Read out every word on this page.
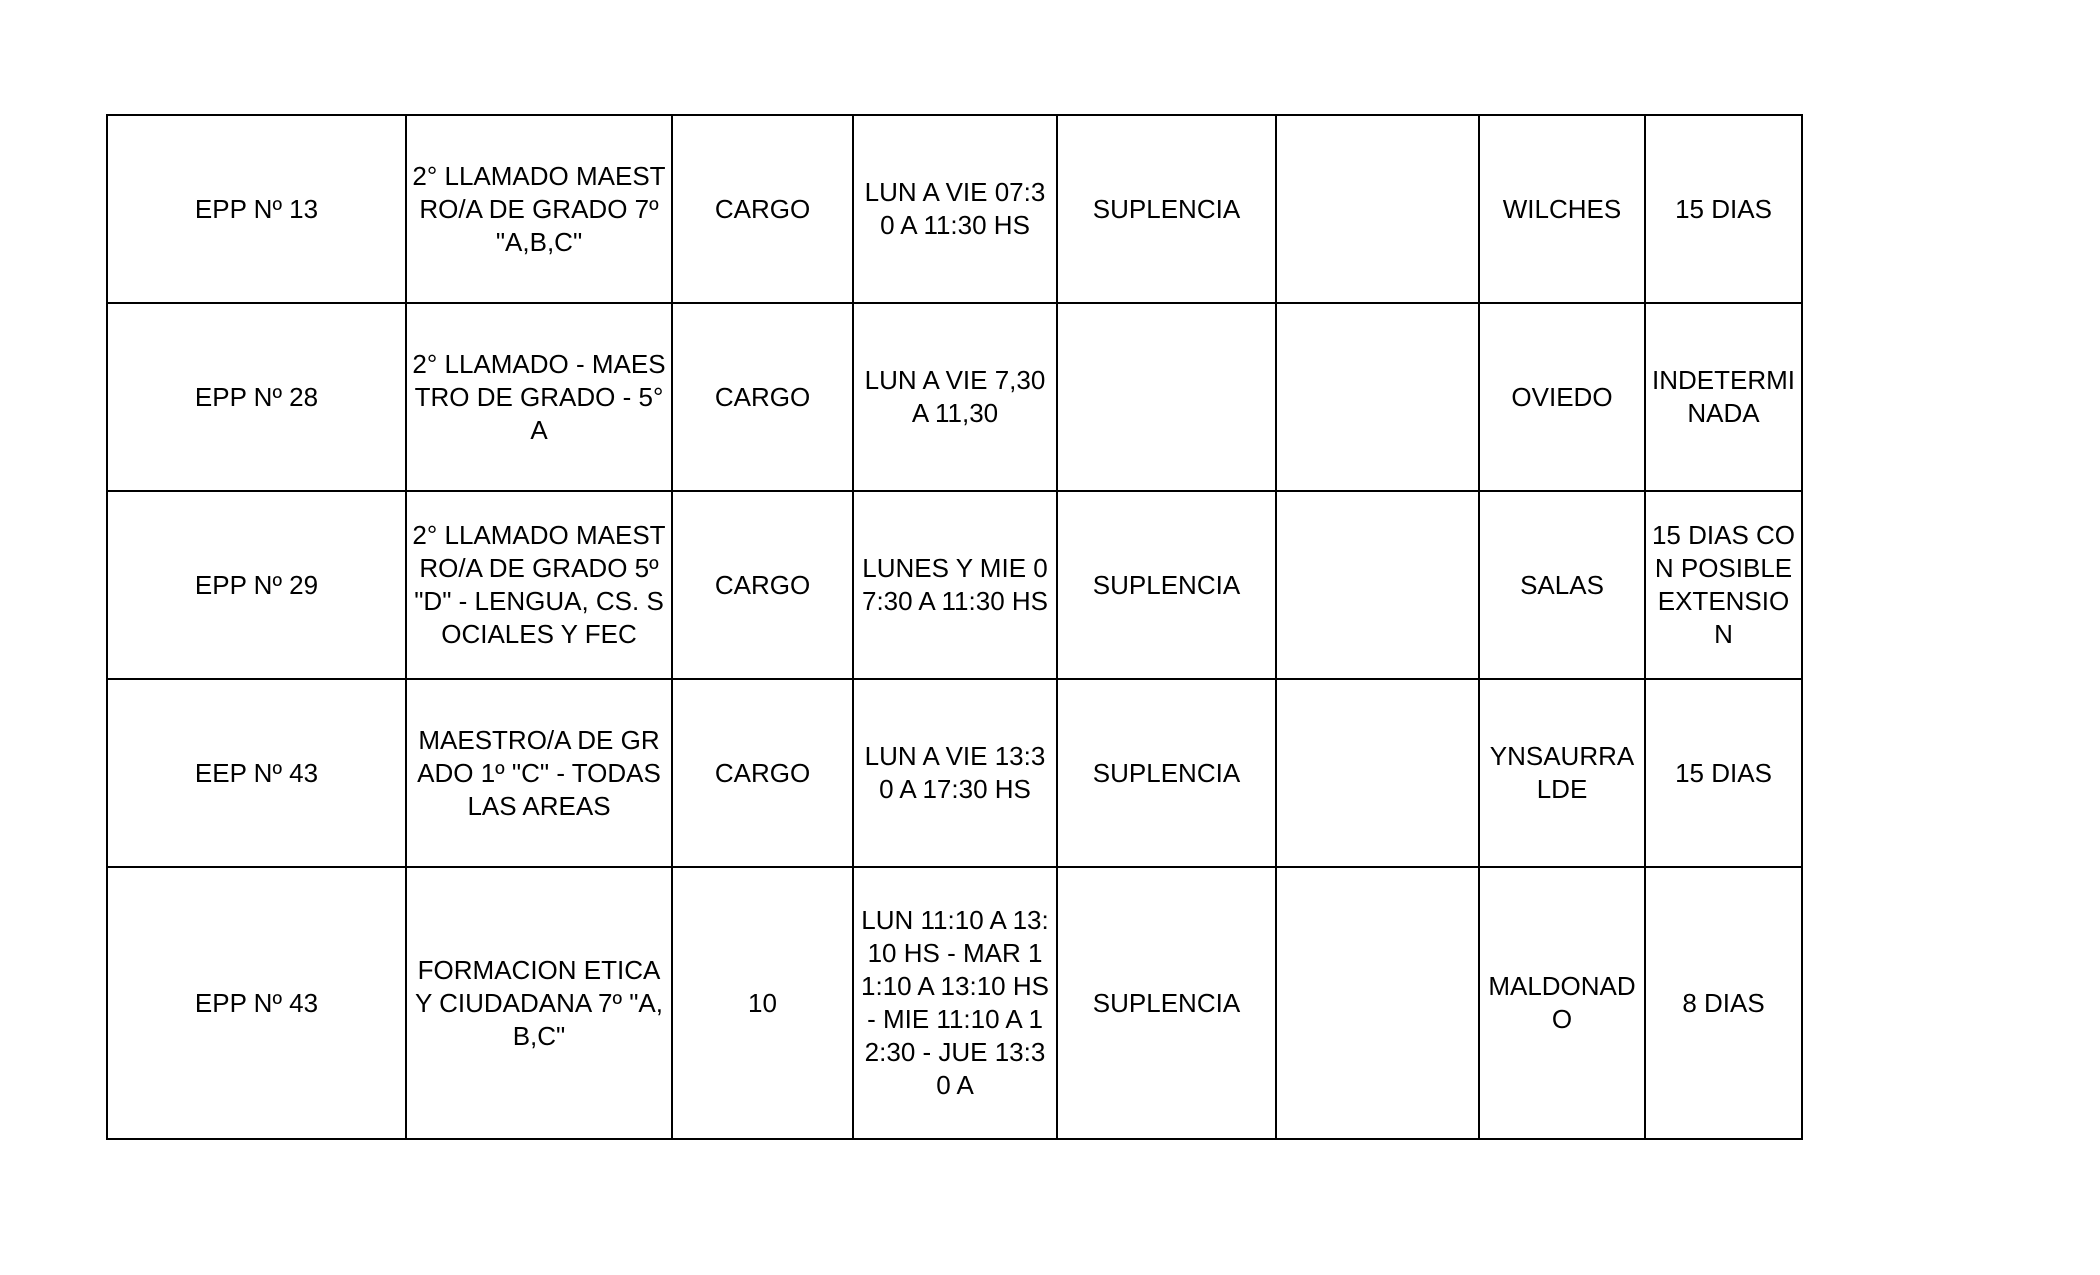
EPP Nº 13	2° LLAMADO MAESTRO/A DE GRADO 7º "A,B,C"	CARGO	LUN A VIE 07:30 A 11:30 HS	SUPLENCIA		WILCHES	15 DIAS
EPP Nº 28	2° LLAMADO - MAESTRO DE GRADO - 5° A	CARGO	LUN A VIE 7,30 A 11,30			OVIEDO	INDETERMINADA
EPP Nº 29	2° LLAMADO MAESTRO/A DE GRADO 5º "D" - LENGUA, CS. SOCIALES Y FEC	CARGO	LUNES Y MIE 07:30 A 11:30 HS	SUPLENCIA		SALAS	15 DIAS CON POSIBLE EXTENSION
EEP Nº 43	MAESTRO/A DE GRADO 1º "C" - TODAS LAS AREAS	CARGO	LUN A VIE 13:30 A 17:30 HS	SUPLENCIA		YNSAURRALDE	15 DIAS
EPP Nº 43	FORMACION ETICA Y CIUDADANA 7º "A,B,C"	10	LUN 11:10 A 13:10 HS - MAR 11:10 A 13:10 HS - MIE 11:10 A 12:30 - JUE 13:30 A	SUPLENCIA		MALDONADO	8 DIAS
